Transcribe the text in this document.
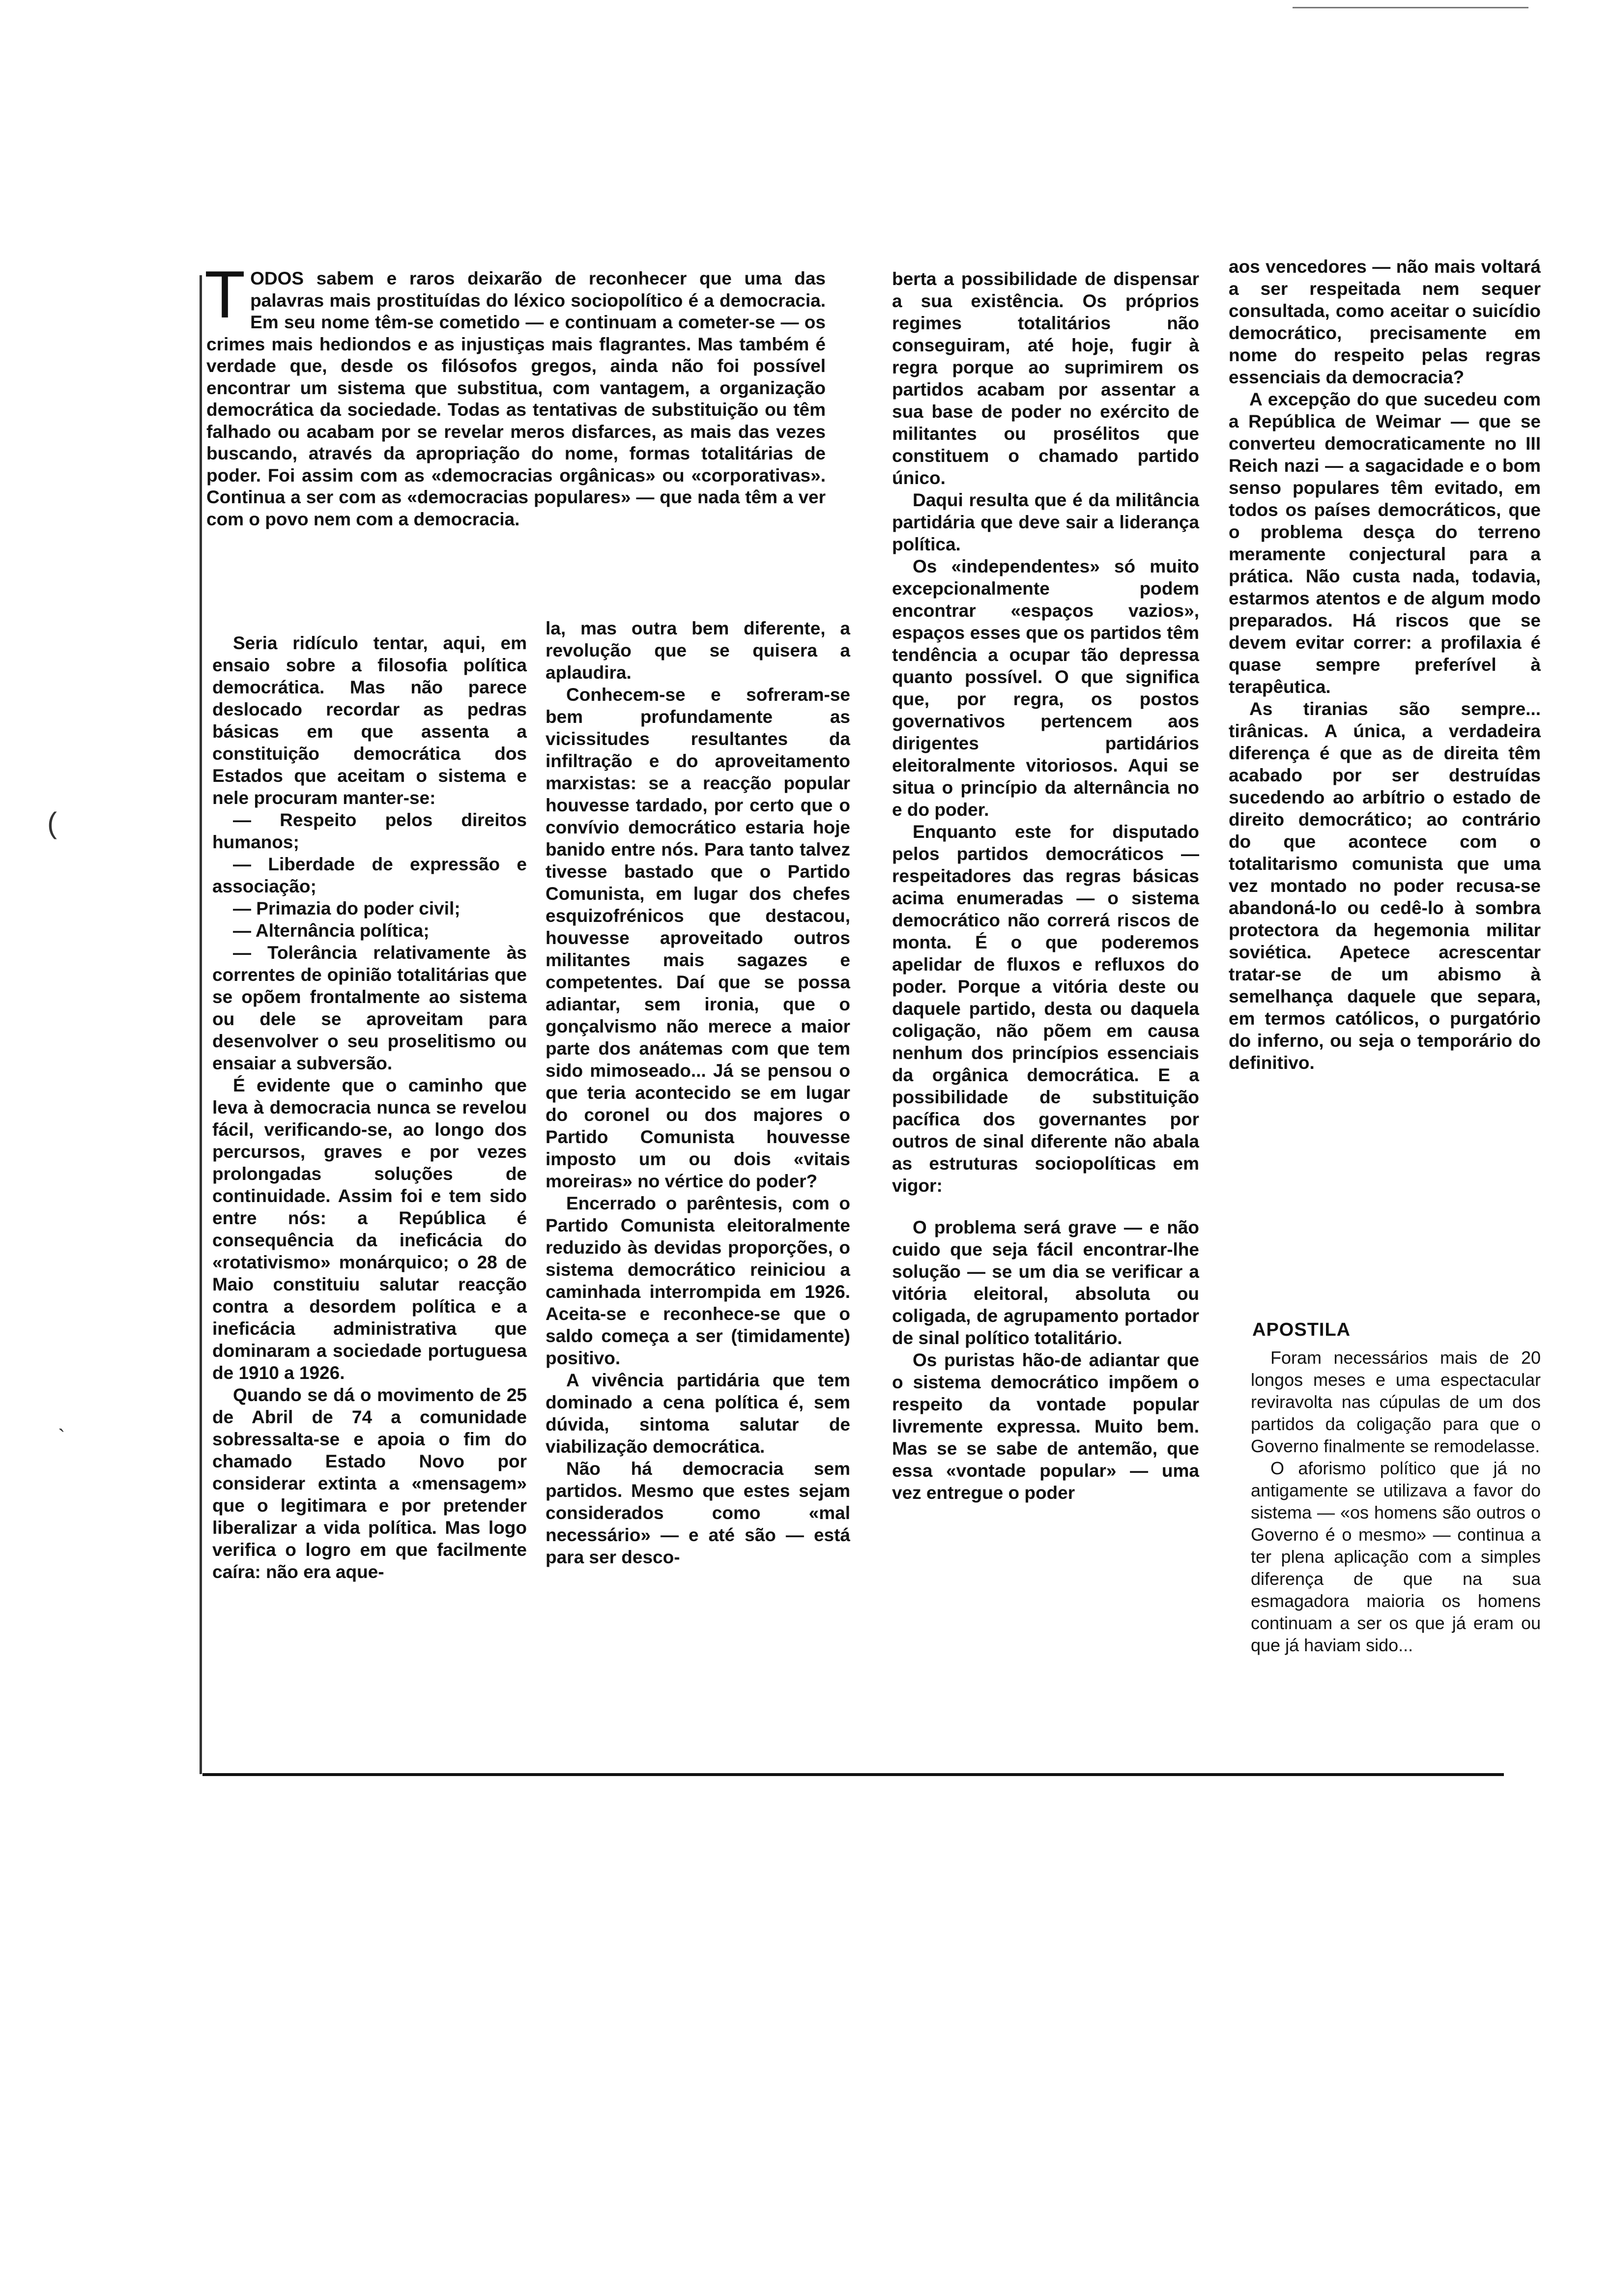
(
`
TODOS sabem e raros deixarão de reconhecer que uma das palavras mais prostituídas do léxico sociopolítico é a democracia. Em seu nome têm-se cometido — e continuam a cometer-se — os crimes mais hediondos e as injustiças mais flagrantes. Mas também é verdade que, desde os filósofos gregos, ainda não foi possível encontrar um sistema que substitua, com vantagem, a organização democrática da sociedade. Todas as tentativas de substituição ou têm falhado ou acabam por se revelar meros disfarces, as mais das vezes buscando, através da apropriação do nome, formas totalitárias de poder. Foi assim com as «democracias orgânicas» ou «corporativas». Continua a ser com as «democracias populares» — que nada têm a ver com o povo nem com a democracia.

Seria ridículo tentar, aqui, em ensaio sobre a filosofia política democrática. Mas não parece deslocado recordar as pedras básicas em que assenta a constituição democrática dos Estados que aceitam o sistema e nele procuram manter-se:

— Respeito pelos direitos humanos;

— Liberdade de expressão e associação;

— Primazia do poder civil;

— Alternância política;

— Tolerância relativamente às correntes de opinião totalitárias que se opõem frontalmente ao sistema ou dele se aproveitam para desenvolver o seu proselitismo ou ensaiar a subversão.

É evidente que o caminho que leva à democracia nunca se revelou fácil, verificando-se, ao longo dos percursos, graves e por vezes prolongadas soluções de continuidade. Assim foi e tem sido entre nós: a República é consequência da ineficácia do «rotativismo» monárquico; o 28 de Maio constituiu salutar reacção contra a desordem política e a ineficácia administrativa que dominaram a sociedade portuguesa de 1910 a 1926.

Quando se dá o movimento de 25 de Abril de 74 a comunidade sobressalta-se e apoia o fim do chamado Estado Novo por considerar extinta a «mensagem» que o legitimara e por pretender liberalizar a vida política. Mas logo verifica o logro em que facilmente caíra: não era aque-

la, mas outra bem diferente, a revolução que se quisera a aplaudira.

Conhecem-se e sofreram-se bem profundamente as vicissitudes resultantes da infiltração e do aproveitamento marxistas: se a reacção popular houvesse tardado, por certo que o convívio democrático estaria hoje banido entre nós. Para tanto talvez tivesse bastado que o Partido Comunista, em lugar dos chefes esquizofrénicos que destacou, houvesse aproveitado outros militantes mais sagazes e competentes. Daí que se possa adiantar, sem ironia, que o gonçalvismo não merece a maior parte dos anátemas com que tem sido mimoseado... Já se pensou o que teria acontecido se em lugar do coronel ou dos majores o Partido Comunista houvesse imposto um ou dois «vitais moreiras» no vértice do poder?

Encerrado o parêntesis, com o Partido Comunista eleitoralmente reduzido às devidas proporções, o sistema democrático reiniciou a caminhada interrompida em 1926. Aceita-se e reconhece-se que o saldo começa a ser (timidamente) positivo.

A vivência partidária que tem dominado a cena política é, sem dúvida, sintoma salutar de viabilização democrática.

Não há democracia sem partidos. Mesmo que estes sejam considerados como «mal necessário» — e até são — está para ser desco-

berta a possibilidade de dispensar a sua existência. Os próprios regimes totalitários não conseguiram, até hoje, fugir à regra porque ao suprimirem os partidos acabam por assentar a sua base de poder no exército de militantes ou prosélitos que constituem o chamado partido único.

Daqui resulta que é da militância partidária que deve sair a liderança política.

Os «independentes» só muito excepcionalmente podem encontrar «espaços vazios», espaços esses que os partidos têm tendência a ocupar tão depressa quanto possível. O que significa que, por regra, os postos governativos pertencem aos dirigentes partidários eleitoralmente vitoriosos. Aqui se situa o princípio da alternância no e do poder.

Enquanto este for disputado pelos partidos democráticos — respeitadores das regras básicas acima enumeradas — o sistema democrático não correrá riscos de monta. É o que poderemos apelidar de fluxos e refluxos do poder. Porque a vitória deste ou daquele partido, desta ou daquela coligação, não põem em causa nenhum dos princípios essenciais da orgânica democrática. E a possibilidade de substituição pacífica dos governantes por outros de sinal diferente não abala as estruturas sociopolíticas em vigor:

O problema será grave — e não cuido que seja fácil encontrar-lhe solução — se um dia se verificar a vitória eleitoral, absoluta ou coligada, de agrupamento portador de sinal político totalitário.

Os puristas hão-de adiantar que o sistema democrático impõem o respeito da vontade popular livremente expressa. Muito bem. Mas se se sabe de antemão, que essa «vontade popular» — uma vez entregue o poder

aos vencedores — não mais voltará a ser respeitada nem sequer consultada, como aceitar o suicídio democrático, precisamente em nome do respeito pelas regras essenciais da democracia?

A excepção do que sucedeu com a República de Weimar — que se converteu democraticamente no III Reich nazi — a sagacidade e o bom senso populares têm evitado, em todos os países democráticos, que o problema desça do terreno meramente conjectural para a prática. Não custa nada, todavia, estarmos atentos e de algum modo preparados. Há riscos que se devem evitar correr: a profilaxia é quase sempre preferível à terapêutica.

As tiranias são sempre... tirânicas. A única, a verdadeira diferença é que as de direita têm acabado por ser destruídas sucedendo ao arbítrio o estado de direito democrático; ao contrário do que acontece com o totalitarismo comunista que uma vez montado no poder recusa-se abandoná-lo ou cedê-lo à sombra protectora da hegemonia militar soviética. Apetece acrescentar tratar-se de um abismo à semelhança daquele que separa, em termos católicos, o purgatório do inferno, ou seja o temporário do definitivo.

APOSTILA

Foram necessários mais de 20 longos meses e uma espectacular reviravolta nas cúpulas de um dos partidos da coligação para que o Governo finalmente se remodelasse.

O aforismo político que já no antigamente se utilizava a favor do sistema — «os homens são outros o Governo é o mesmo» — continua a ter plena aplicação com a simples diferença de que na sua esmagadora maioria os homens continuam a ser os que já eram ou que já haviam sido...
